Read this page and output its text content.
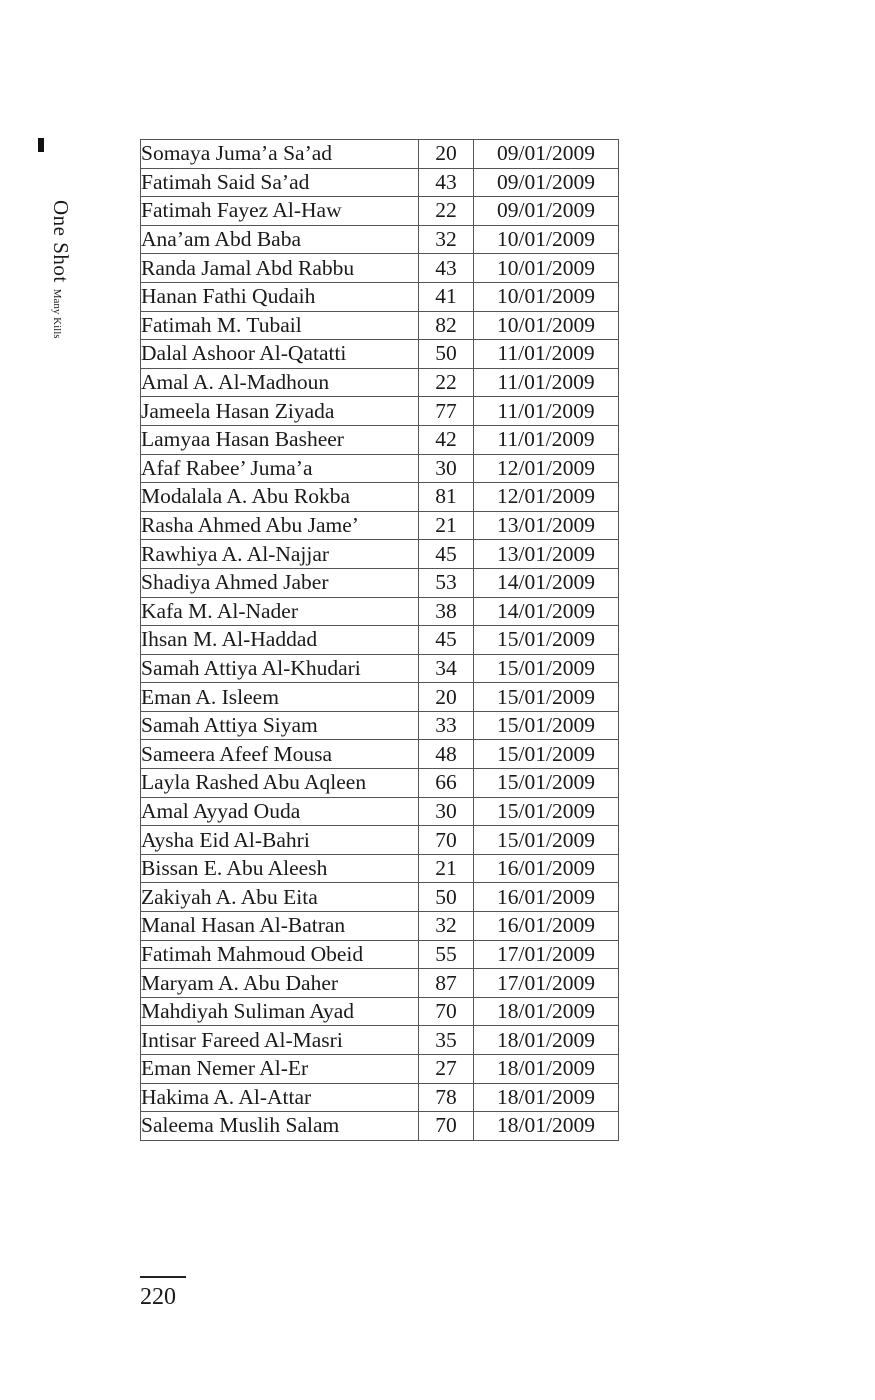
One Shot
Many Kills
Somaya Juma’a Sa’ad	20	09/01/2009
Fatimah Said Sa’ad	43	09/01/2009
Fatimah Fayez Al-Haw	22	09/01/2009
Ana’am Abd Baba	32	10/01/2009
Randa Jamal Abd Rabbu	43	10/01/2009
Hanan Fathi Qudaih	41	10/01/2009
Fatimah M. Tubail	82	10/01/2009
Dalal Ashoor Al-Qatatti	50	11/01/2009
Amal A. Al-Madhoun	22	11/01/2009
Jameela Hasan Ziyada	77	11/01/2009
Lamyaa Hasan Basheer	42	11/01/2009
Afaf Rabee’ Juma’a	30	12/01/2009
Modalala A. Abu Rokba	81	12/01/2009
Rasha Ahmed Abu Jame’	21	13/01/2009
Rawhiya A. Al-Najjar	45	13/01/2009
Shadiya Ahmed Jaber	53	14/01/2009
Kafa M. Al-Nader	38	14/01/2009
Ihsan M. Al-Haddad	45	15/01/2009
Samah Attiya Al-Khudari	34	15/01/2009
Eman A. Isleem	20	15/01/2009
Samah Attiya Siyam	33	15/01/2009
Sameera Afeef Mousa	48	15/01/2009
Layla Rashed Abu Aqleen	66	15/01/2009
Amal Ayyad Ouda	30	15/01/2009
Aysha Eid Al-Bahri	70	15/01/2009
Bissan E. Abu Aleesh	21	16/01/2009
Zakiyah A. Abu Eita	50	16/01/2009
Manal Hasan Al-Batran	32	16/01/2009
Fatimah Mahmoud Obeid	55	17/01/2009
Maryam A. Abu Daher	87	17/01/2009
Mahdiyah Suliman Ayad	70	18/01/2009
Intisar Fareed Al-Masri	35	18/01/2009
Eman Nemer Al-Er	27	18/01/2009
Hakima A. Al-Attar	78	18/01/2009
Saleema Muslih Salam	70	18/01/2009
220
